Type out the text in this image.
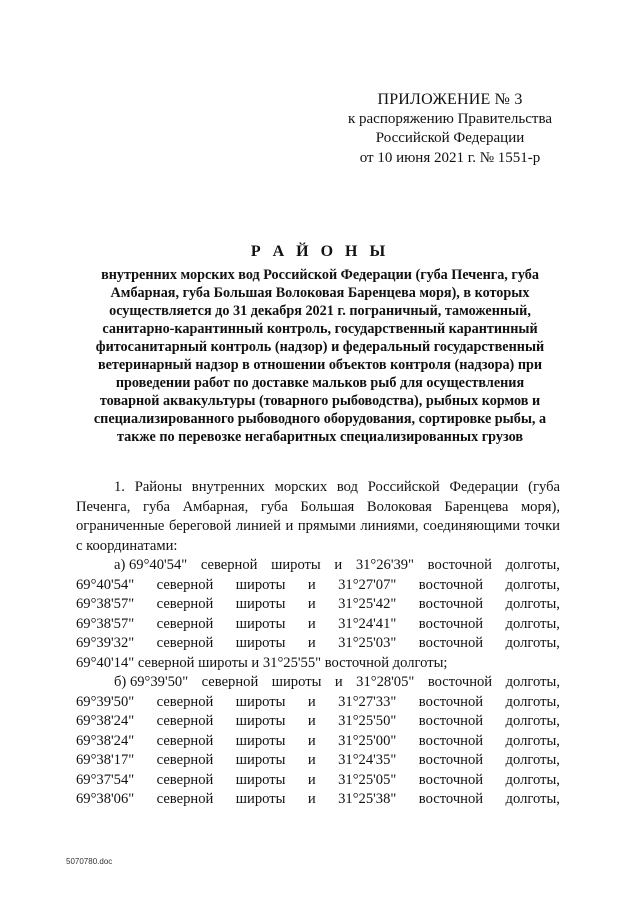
ПРИЛОЖЕНИЕ № 3
к распоряжению Правительства
Российской Федерации
от 10 июня 2021 г. № 1551-р
Р А Й О Н Ы
внутренних морских вод Российской Федерации (губа Печенга, губа
Амбарная, губа Большая Волоковая Баренцева моря), в которых
осуществляется до 31 декабря 2021 г. пограничный, таможенный,
санитарно-карантинный контроль, государственный карантинный
фитосанитарный контроль (надзор) и федеральный государственный
ветеринарный надзор в отношении объектов контроля (надзора) при
проведении работ по доставке мальков рыб для осуществления
товарной аквакультуры (товарного рыбоводства), рыбных кормов и
специализированного рыбоводного оборудования, сортировке рыбы, а
также по перевозке негабаритных специализированных грузов

1. Районы внутренних морских вод Российской Федерации (губа Печенга, губа Амбарная, губа Большая Волоковая Баренцева моря), ограниченные береговой линией и прямыми линиями, соединяющими точки с координатами:

а) 69°40'54" северной широты и 31°26'39" восточной долготы,
69°40'54" северной широты и 31°27'07" восточной долготы,
69°38'57" северной широты и 31°25'42" восточной долготы,
69°38'57" северной широты и 31°24'41" восточной долготы,
69°39'32" северной широты и 31°25'03" восточной долготы,

69°40'14" северной широты и 31°25'55" восточной долготы;

б) 69°39'50" северной широты и 31°28'05" восточной долготы,
69°39'50" северной широты и 31°27'33" восточной долготы,
69°38'24" северной широты и 31°25'50" восточной долготы,
69°38'24" северной широты и 31°25'00" восточной долготы,
69°38'17" северной широты и 31°24'35" восточной долготы,
69°37'54" северной широты и 31°25'05" восточной долготы,
69°38'06" северной широты и 31°25'38" восточной долготы,
5070780.doc
